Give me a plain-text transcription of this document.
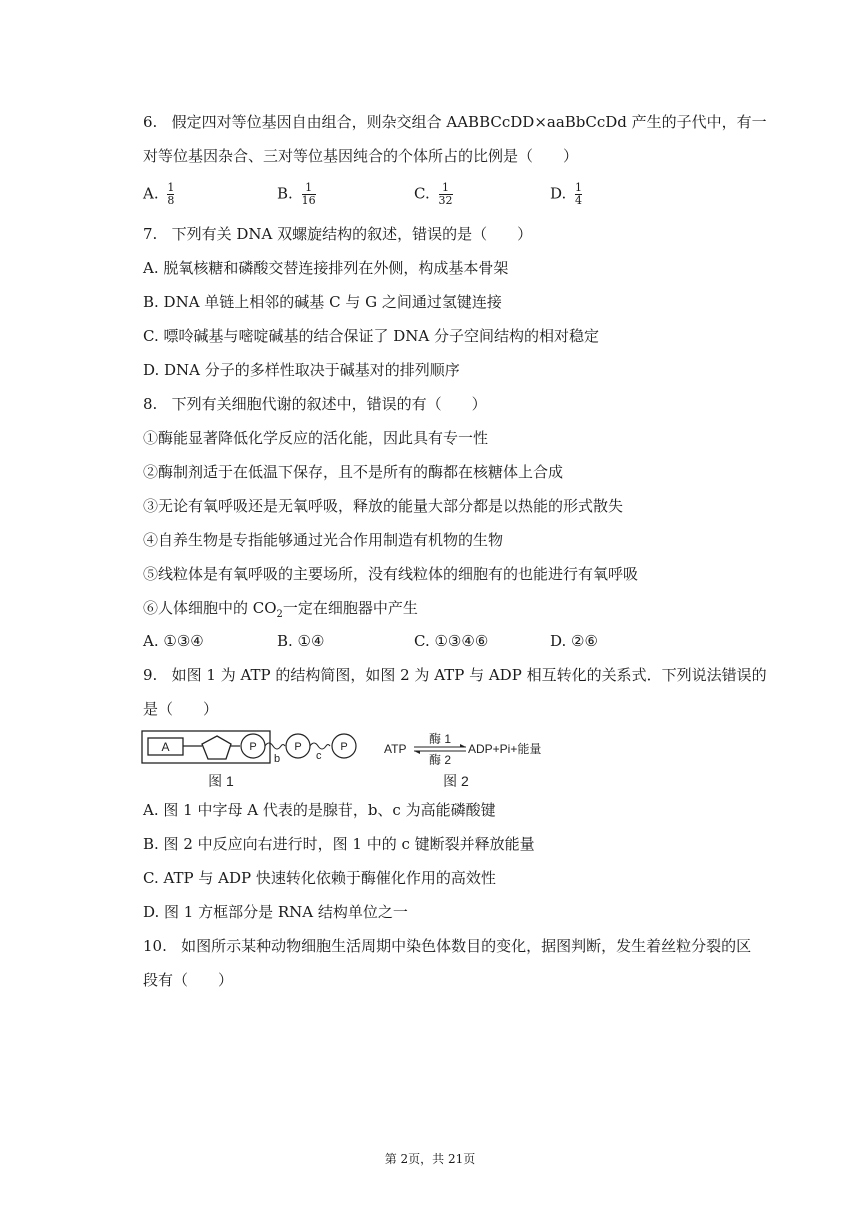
6. 假定四对等位基因自由组合，则杂交组合 AABBCcDD×aaBbCcDd 产生的子代中，有一
对等位基因杂合、三对等位基因纯合的个体所占的比例是（　　）
A. $\frac{1}{8}$	B. $\frac{1}{16}$	C. $\frac{1}{32}$	D. $\frac{1}{4}$
7. 下列有关 DNA 双螺旋结构的叙述，错误的是（　　）
A. 脱氧核糖和磷酸交替连接排列在外侧，构成基本骨架
B. DNA 单链上相邻的碱基 C 与 G 之间通过氢键连接
C. 嘌呤碱基与嘧啶碱基的结合保证了 DNA 分子空间结构的相对稳定
D. DNA 分子的多样性取决于碱基对的排列顺序
8. 下列有关细胞代谢的叙述中，错误的有（　　）
①酶能显著降低化学反应的活化能，因此具有专一性
②酶制剂适于在低温下保存，且不是所有的酶都在核糖体上合成
③无论有氧呼吸还是无氧呼吸，释放的能量大部分都是以热能的形式散失
④自养生物是专指能够通过光合作用制造有机物的生物
⑤线粒体是有氧呼吸的主要场所，没有线粒体的细胞有的也能进行有氧呼吸
⑥人体细胞中的 $CO_2$一定在细胞器中产生
A. ①③④	B. ①④	C. ①③④⑥	D. ②⑥
9. 如图 1 为 ATP 的结构简图，如图 2 为 ATP 与 ADP 相互转化的关系式．下列说法错误的
是（　　）
A	P
b
P
c
P
图 1
ATP
酶 1
酶 2
ADP+Pi+能量
图 2
A. 图 1 中字母 A 代表的是腺苷，b、c 为高能磷酸键
B. 图 2 中反应向右进行时，图 1 中的 c 键断裂并释放能量
C. ATP 与 ADP 快速转化依赖于酶催化作用的高效性
D. 图 1 方框部分是 RNA 结构单位之一
10. 如图所示某种动物细胞生活周期中染色体数目的变化，据图判断，发生着丝粒分裂的区
段有（　　）
第 2页，共 21页
